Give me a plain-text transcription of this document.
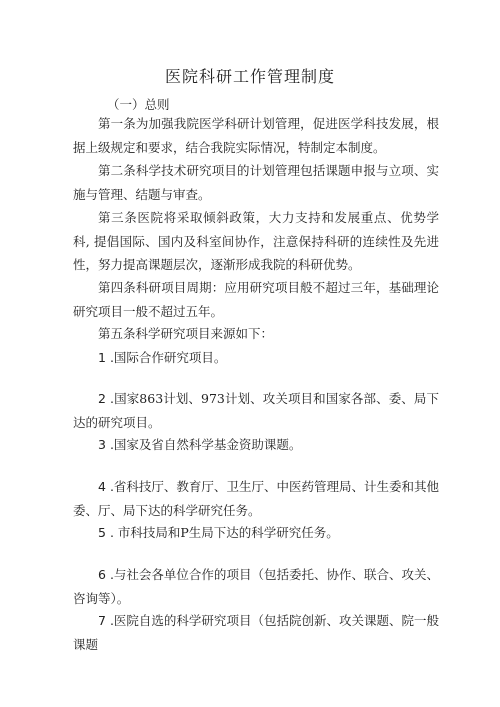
医院科研工作管理制度
（一）总则

第一条为加强我院医学科研计划管理，促进医学科技发展，根据上级规定和要求，结合我院实际情况，特制定本制度。

第二条科学技术研究项目的计划管理包括课题申报与立项、实施与管理、结题与审查。

第三条医院将采取倾斜政策，大力支持和发展重点、优势学科, 提倡国际、国内及科室间协作，注意保持科研的连续性及先进性，努力提高课题层次，逐渐形成我院的科研优势。

第四条科研项目周期：应用研究项目般不超过三年，基础理论研究项目一般不超过五年。

第五条科学研究项目来源如下：

1 .国际合作研究项目。

2 .国家863计划、973计划、攻关项目和国家各部、委、局下达的研究项目。

3 .国家及省自然科学基金资助课题。

4 .省科技厅、教育厅、卫生厅、中医药管理局、计生委和其他委、厅、局下达的科学研究任务。

5 . 市科技局和P生局下达的科学研究任务。

6 .与社会各单位合作的项目（包括委托、协作、联合、攻关、咨询等）。

7 .医院自选的科学研究项目（包括院创新、攻关课题、院一般课题
